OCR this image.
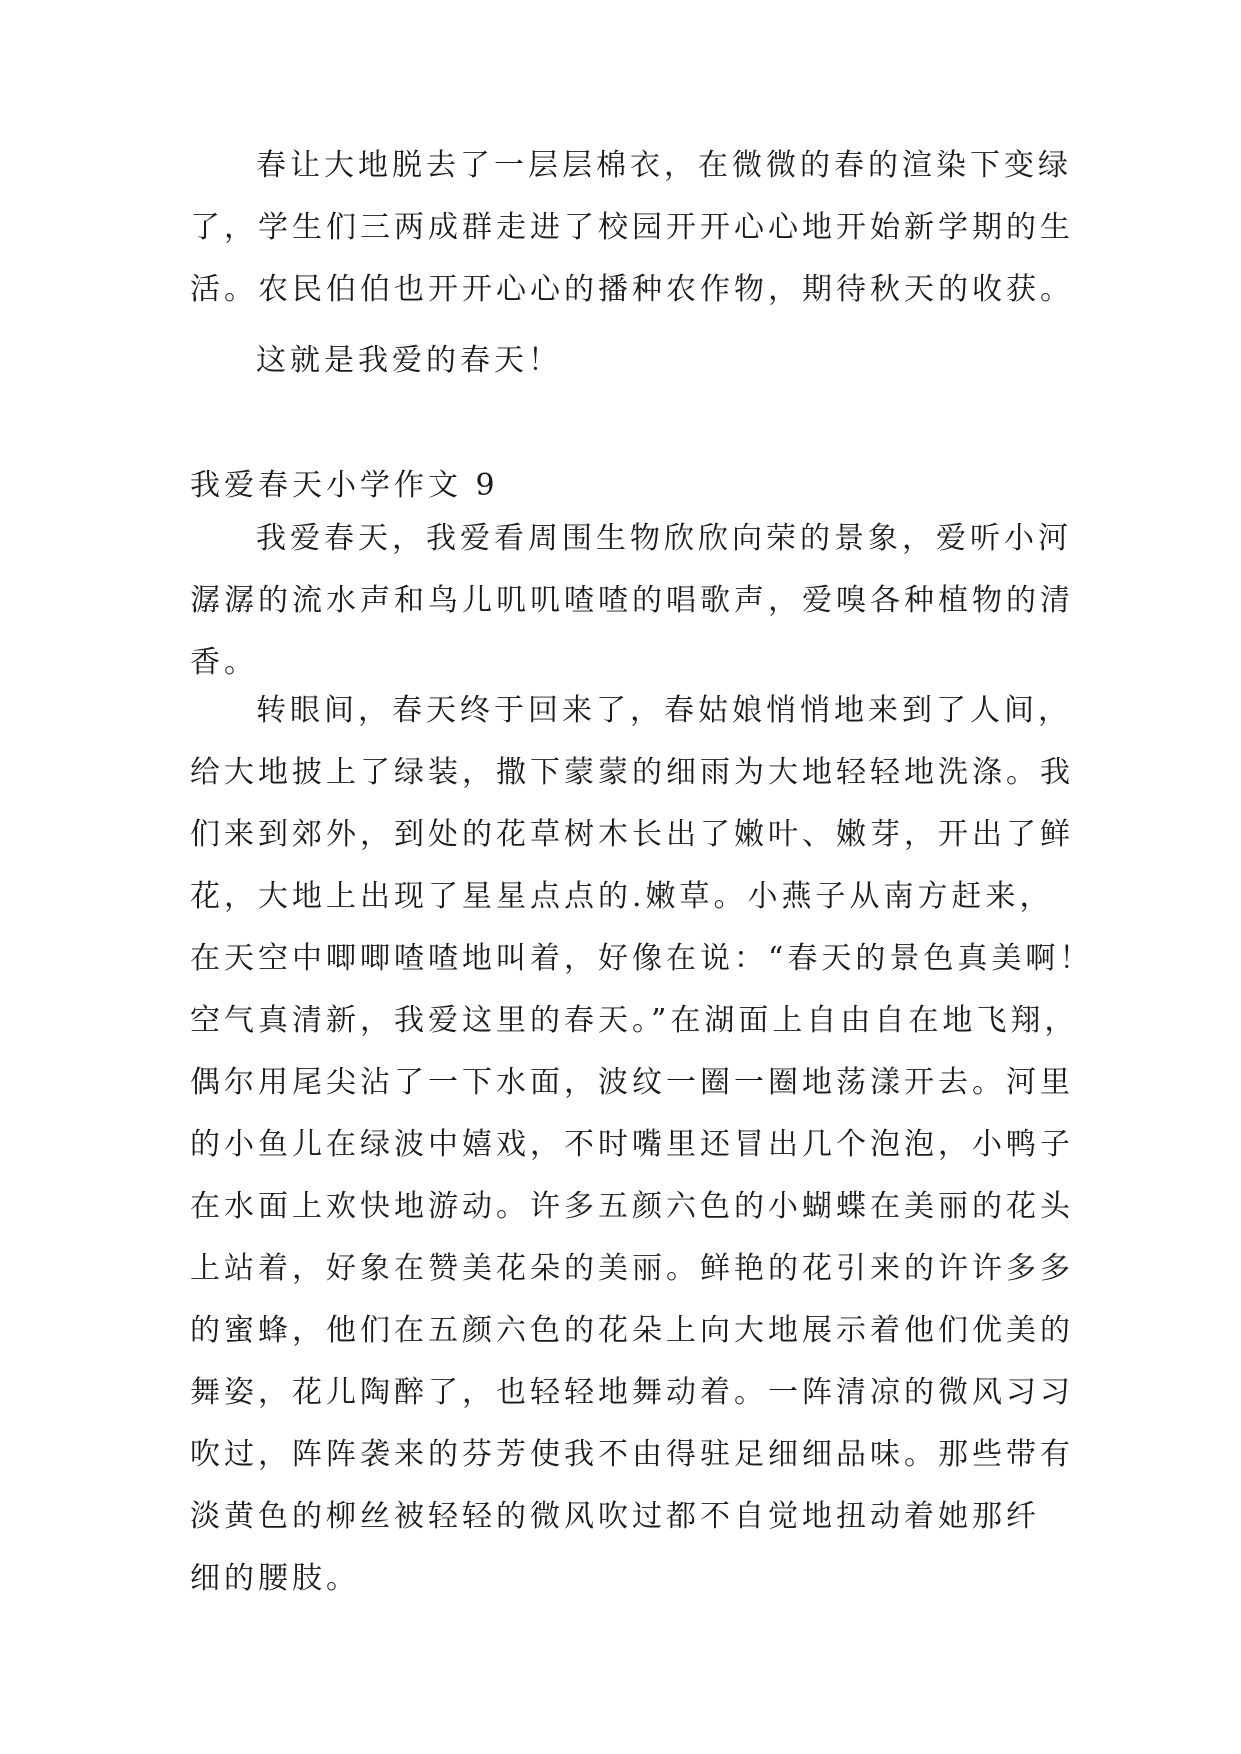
春让大地脱去了一层层棉衣，在微微的春的渲染下变绿
了，学生们三两成群走进了校园开开心心地开始新学期的生
活。农民伯伯也开开心心的播种农作物，期待秋天的收获。
这就是我爱的春天！
我爱春天小学作文 9
我爱春天，我爱看周围生物欣欣向荣的景象，爱听小河
潺潺的流水声和鸟儿叽叽喳喳的唱歌声，爱嗅各种植物的清
香。
转眼间，春天终于回来了，春姑娘悄悄地来到了人间，
给大地披上了绿装，撒下蒙蒙的细雨为大地轻轻地洗涤。我
们来到郊外，到处的花草树木长出了嫩叶、嫩芽，开出了鲜
花，大地上出现了星星点点的.嫩草。小燕子从南方赶来，
在天空中唧唧喳喳地叫着，好像在说：“春天的景色真美啊！
空气真清新，我爱这里的春天。”在湖面上自由自在地飞翔，
偶尔用尾尖沾了一下水面，波纹一圈一圈地荡漾开去。河里
的小鱼儿在绿波中嬉戏，不时嘴里还冒出几个泡泡，小鸭子
在水面上欢快地游动。许多五颜六色的小蝴蝶在美丽的花头
上站着，好象在赞美花朵的美丽。鲜艳的花引来的许许多多
的蜜蜂，他们在五颜六色的花朵上向大地展示着他们优美的
舞姿，花儿陶醉了，也轻轻地舞动着。一阵清凉的微风习习
吹过，阵阵袭来的芬芳使我不由得驻足细细品味。那些带有
淡黄色的柳丝被轻轻的微风吹过都不自觉地扭动着她那纤
细的腰肢。
